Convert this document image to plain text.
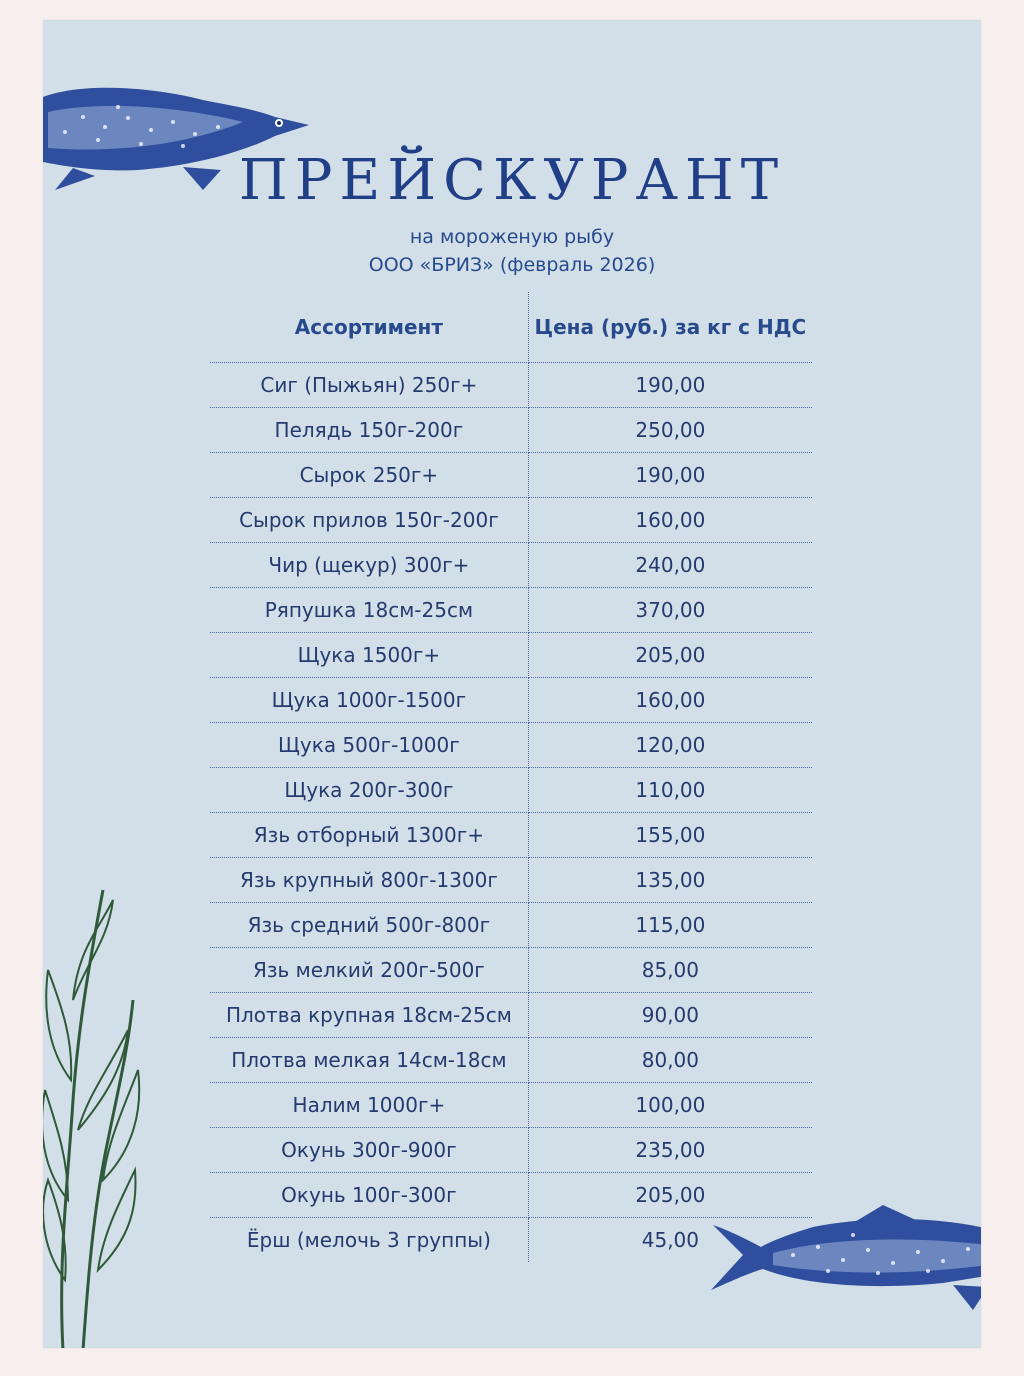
ПРЕЙСКУРАНТ
на мороженую рыбу
ООО «БРИЗ» (февраль 2026)
Ассортимент	Цена (руб.) за кг с НДС
Сиг (Пыжьян) 250г+	190,00
Пелядь 150г-200г	250,00
Сырок 250г+	190,00
Сырок прилов 150г-200г	160,00
Чир (щекур) 300г+	240,00
Ряпушка 18см-25см	370,00
Щука 1500г+	205,00
Щука 1000г-1500г	160,00
Щука 500г-1000г	120,00
Щука 200г-300г	110,00
Язь отборный 1300г+	155,00
Язь крупный 800г-1300г	135,00
Язь средний 500г-800г	115,00
Язь мелкий 200г-500г	85,00
Плотва крупная 18см-25см	90,00
Плотва мелкая 14см-18см	80,00
Налим 1000г+	100,00
Окунь 300г-900г	235,00
Окунь 100г-300г	205,00
Ёрш (мелочь 3 группы)	45,00
